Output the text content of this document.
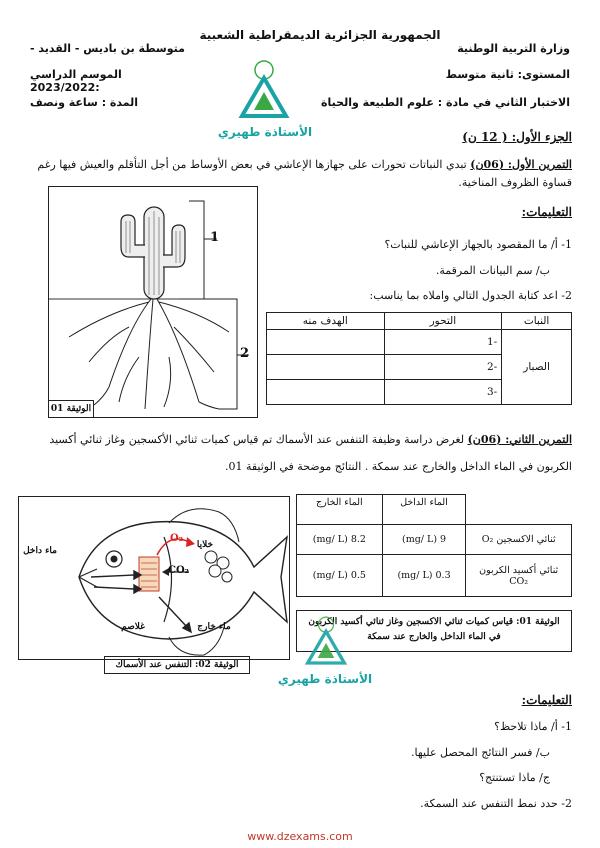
الجمهورية الجزائرية الديمقراطية الشعبية
وزارة التربية الوطنية
متوسطة بن باديس - القديد -
المستوى: ثانية متوسط
الموسم الدراسي :2023/2022
الاختبار الثاني في مادة : علوم الطبيعة والحياة
المدة : ساعة ونصف
الأستاذة طهيري	الجزء الأول: ( 12 ن)
التمرين الأول: (06ن) تبدي النباتات تحورات على جهازها الإعاشي في بعض الأوساط من أجل التأقلم والعيش فيها رغم
قساوة الظروف المناخية.
التعليمات:
1- أ/ ما المقصود بالجهاز الإعاشي للنبات؟
ب/ سم البيانات المرقمة.
2- اعد كتابة الجدول التالي واملاه بما يناسب:
1
2
الوثيقة 01
النبات	التحور	الهدف منه
الصبار	-1	
	-2	
	-3	
التمرين الثاني: (06ن) لغرض دراسة وظيفة التنفس عند الأسماك تم قياس كميات ثنائي الأكسجين وغاز ثنائي أكسيد
الكربون في الماء الداخل والخارج عند سمكة . النتائج موضحة في الوثيقة 01.
ماء داخل
ماء خارج
غلاصم
خلايا
O₂
CO₂
الوثيقة 02: التنفس عند الأسماك
	الماء الداخل	الماء الخارج
ثنائي الاكسجين O₂	9 (mg/ L)	8.2 (mg/ L)

ثنائي أكسيد الكربون
CO₂	0.3 (mg/ L)	0.5 (mg/ L)
الوثيقة 01: قياس كميات ثنائي الاكسجين وغاز ثنائي أكسيد الكربون
في الماء الداخل والخارج عند سمكة
الأستاذة طهيري
التعليمات:
1- أ/ ماذا تلاحظ؟
ب/ فسر النتائج المحصل عليها.
ج/ ماذا تستنتج؟
2- حدد نمط التنفس عند السمكة.
www.dzexams.com
